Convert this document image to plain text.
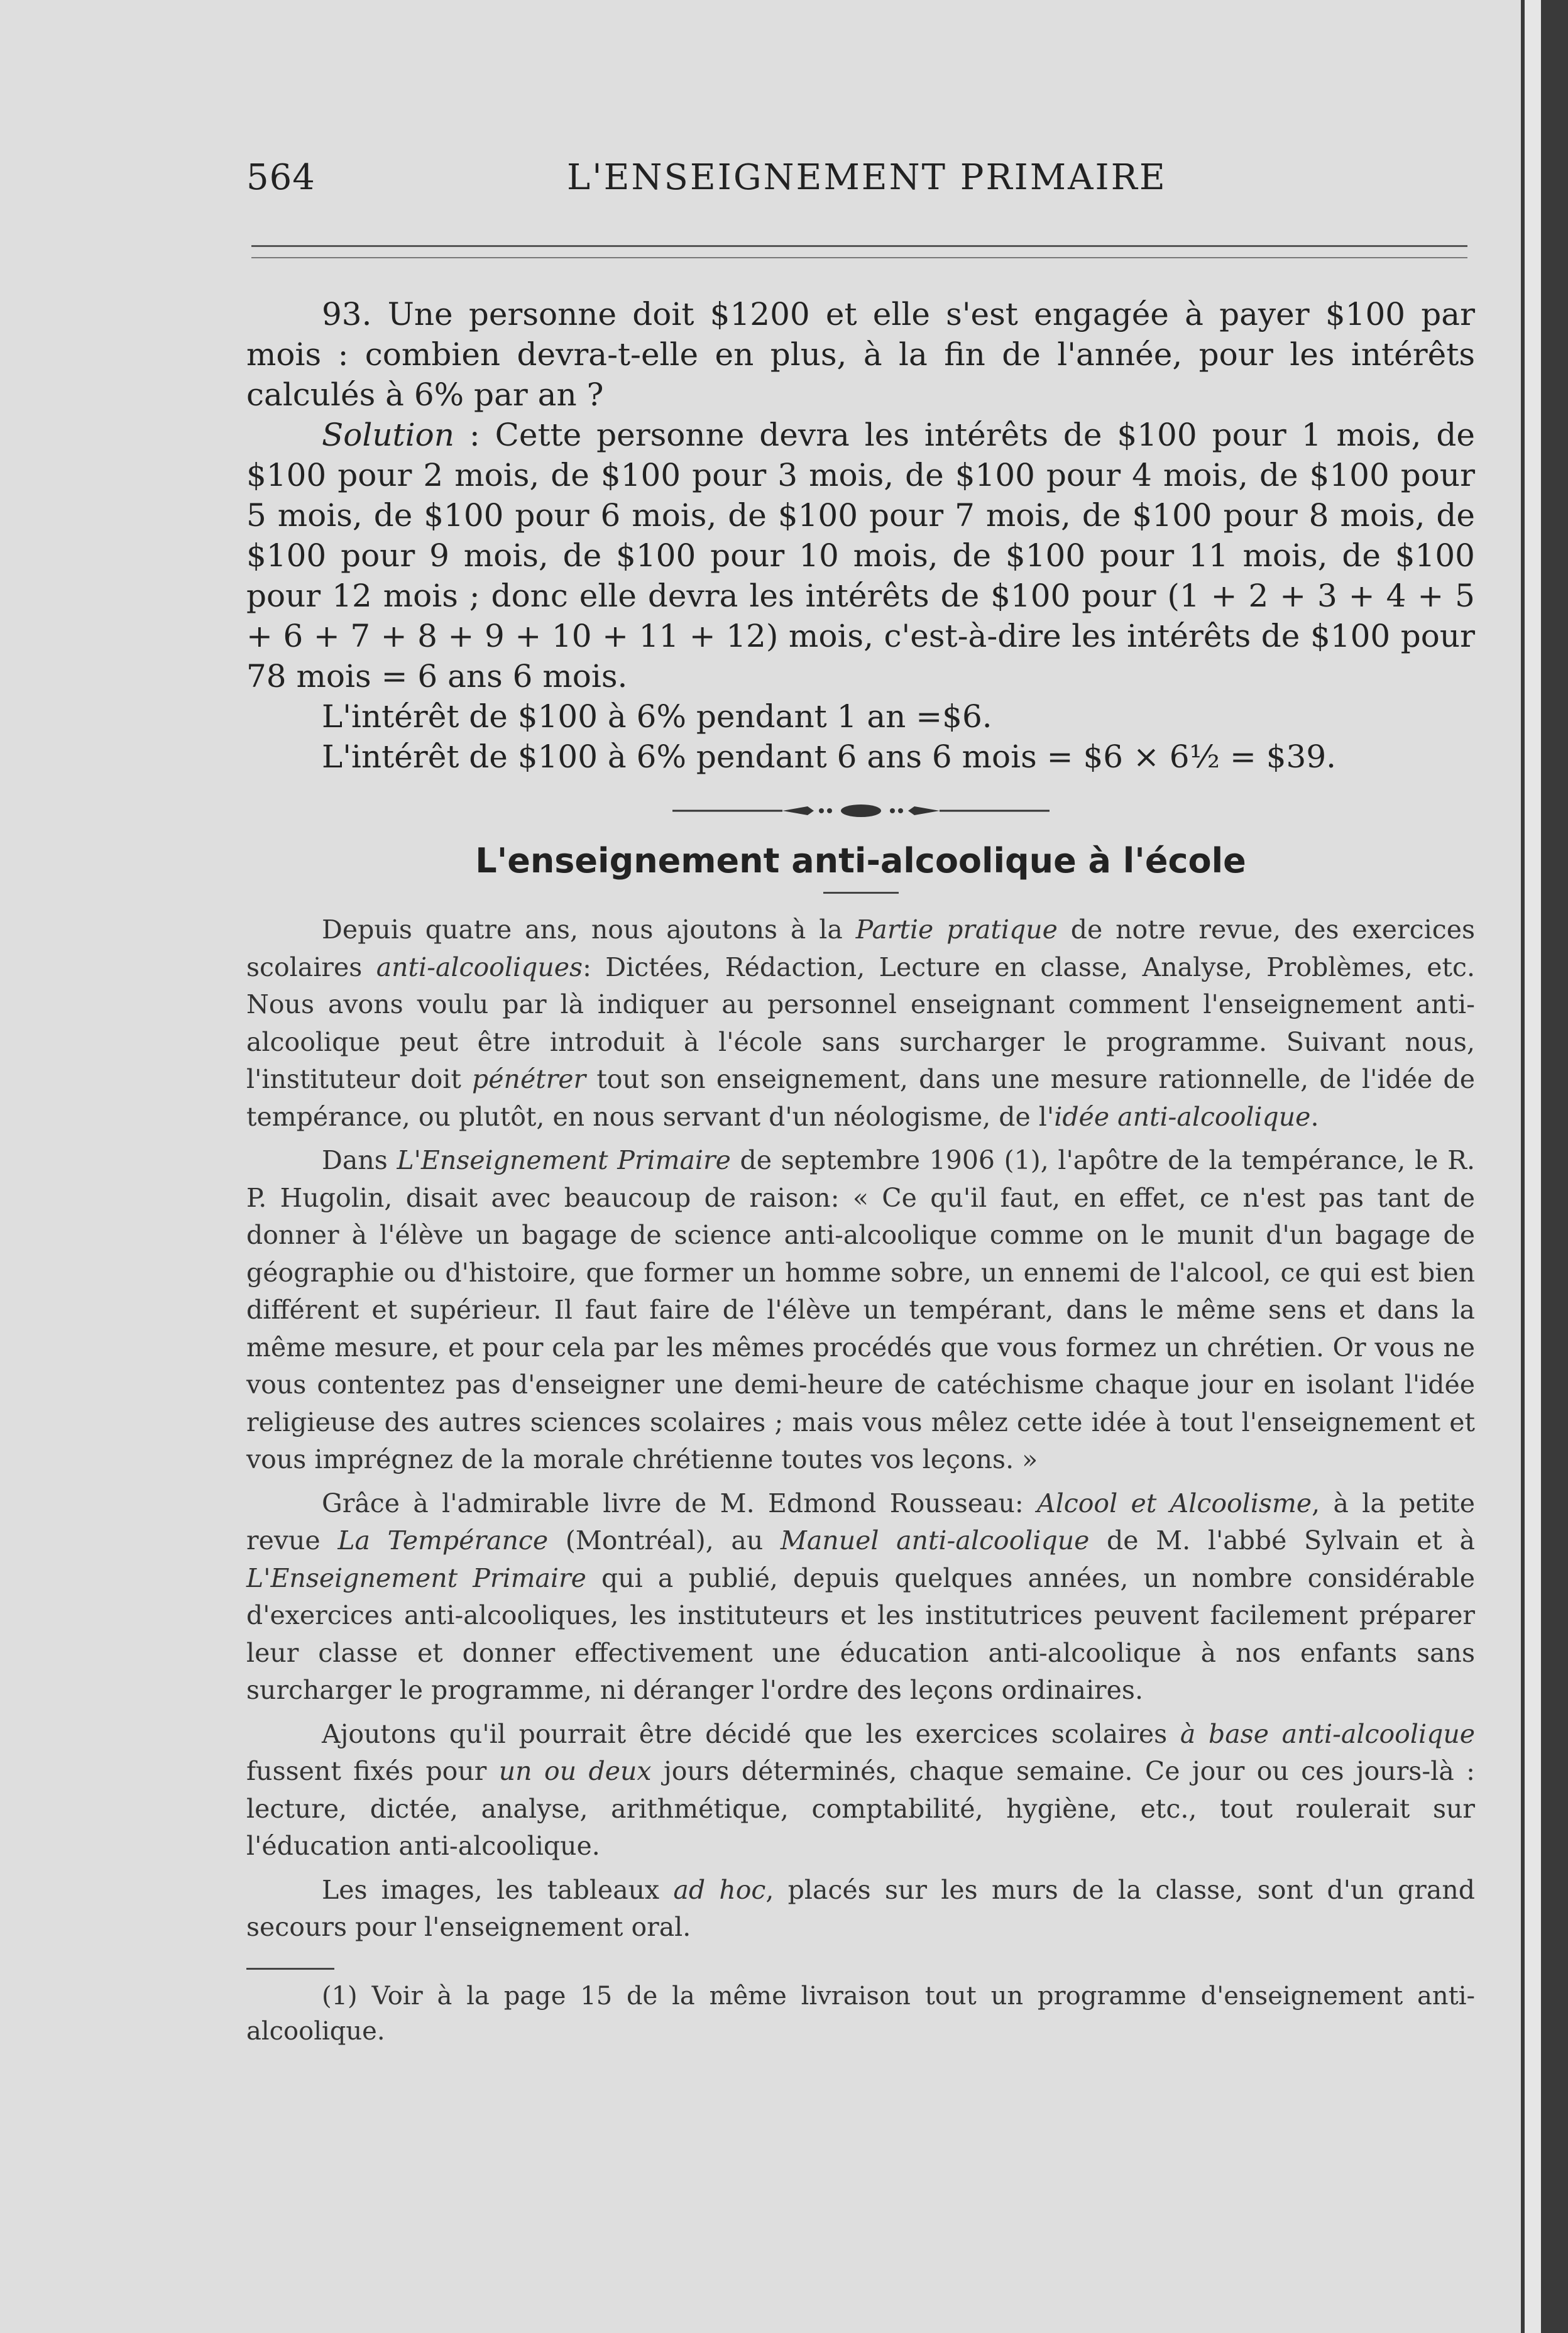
564	L'ENSEIGNEMENT PRIMAIRE

93. Une personne doit $1200 et elle s'est engagée à payer $100 par mois : combien devra-t-elle en plus, à la fin de l'année, pour les intérêts calculés à 6% par an ?

Solution : Cette personne devra les intérêts de $100 pour 1 mois, de $100 pour 2 mois, de $100 pour 3 mois, de $100 pour 4 mois, de $100 pour 5 mois, de $100 pour 6 mois, de $100 pour 7 mois, de $100 pour 8 mois, de $100 pour 9 mois, de $100 pour 10 mois, de $100 pour 11 mois, de $100 pour 12 mois ; donc elle devra les intérêts de $100 pour (1 + 2 + 3 + 4 + 5 + 6 + 7 + 8 + 9 + 10 + 11 + 12) mois, c'est-à-dire les intérêts de $100 pour 78 mois = 6 ans 6 mois.

L'intérêt de $100 à 6% pendant 1 an =$6.

L'intérêt de $100 à 6% pendant 6 ans 6 mois = $6 × 6½ = $39.

L'enseignement anti-alcoolique à l'école

Depuis quatre ans, nous ajoutons à la Partie pratique de notre revue, des exercices scolaires anti-alcooliques: Dictées, Rédaction, Lecture en classe, Analyse, Problèmes, etc. Nous avons voulu par là indiquer au personnel enseignant comment l'enseignement anti-alcoolique peut être introduit à l'école sans surcharger le programme. Suivant nous, l'instituteur doit pénétrer tout son enseignement, dans une mesure rationnelle, de l'idée de tempérance, ou plutôt, en nous servant d'un néologisme, de l'idée anti-alcoolique.

Dans L'Enseignement Primaire de septembre 1906 (1), l'apôtre de la tempérance, le R. P. Hugolin, disait avec beaucoup de raison: « Ce qu'il faut, en effet, ce n'est pas tant de donner à l'élève un bagage de science anti-alcoolique comme on le munit d'un bagage de géographie ou d'histoire, que former un homme sobre, un ennemi de l'alcool, ce qui est bien différent et supérieur. Il faut faire de l'élève un tempérant, dans le même sens et dans la même mesure, et pour cela par les mêmes procédés que vous formez un chrétien. Or vous ne vous contentez pas d'enseigner une demi-heure de catéchisme chaque jour en isolant l'idée religieuse des autres sciences scolaires ; mais vous mêlez cette idée à tout l'enseignement et vous imprégnez de la morale chrétienne toutes vos leçons. »

Grâce à l'admirable livre de M. Edmond Rousseau: Alcool et Alcoolisme, à la petite revue La Tempérance (Montréal), au Manuel anti-alcoolique de M. l'abbé Sylvain et à L'Enseignement Primaire qui a publié, depuis quelques années, un nombre considérable d'exercices anti-alcooliques, les instituteurs et les institutrices peuvent facilement préparer leur classe et donner effectivement une éducation anti-alcoolique à nos enfants sans surcharger le programme, ni déranger l'ordre des leçons ordinaires.

Ajoutons qu'il pourrait être décidé que les exercices scolaires à base anti-alcoolique fussent fixés pour un ou deux jours déterminés, chaque semaine. Ce jour ou ces jours-là : lecture, dictée, analyse, arithmétique, comptabilité, hygiène, etc., tout roulerait sur l'éducation anti-alcoolique.

Les images, les tableaux ad hoc, placés sur les murs de la classe, sont d'un grand secours pour l'enseignement oral.

(1) Voir à la page 15 de la même livraison tout un programme d'enseignement anti-alcoolique.
